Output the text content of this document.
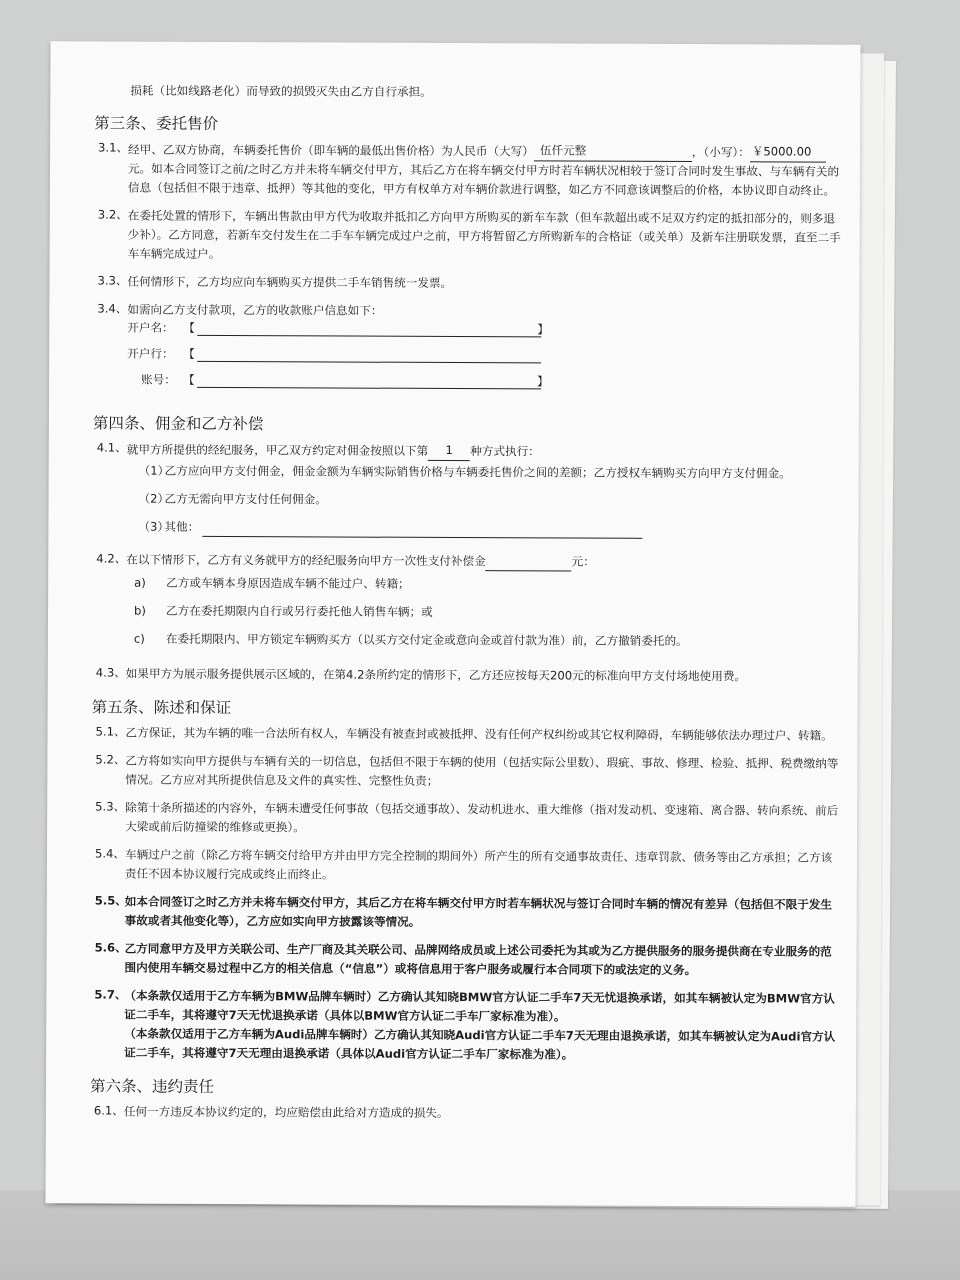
损耗（比如线路老化）而导致的损毁灭失由乙方自行承担。

第三条、委托售价
3.1、 经甲、乙双方协商，车辆委托售价（即车辆的最低出售价格）为人民币（大写） 伍仟元整	，（小写）： ￥5000.00元。如本合同签订之前/之时乙方并未将车辆交付甲方，其后乙方在将车辆交付甲方时若车辆状况相较于签订合同时发生事故、与车辆有关的信息（包括但不限于违章、抵押）等其他的变化，甲方有权单方对车辆价款进行调整，如乙方不同意该调整后的价格，本协议即自动终止。
3.2、 在委托处置的情形下，车辆出售款由甲方代为收取并抵扣乙方向甲方所购买的新车车款（但车款超出或不足双方约定的抵扣部分的，则多退少补）。乙方同意，若新车交付发生在二手车车辆完成过户之前，甲方将暂留乙方所购新车的合格证（或关单）及新车注册联发票，直至二手车车辆完成过户。
3.3、 任何情形下，乙方均应向车辆购买方提供二手车销售统一发票。
3.4、 如需向乙方支付款项，乙方的收款账户信息如下：
开户名： 【	】
开户行： 【
账号： 【	】
第四条、佣金和乙方补偿
4.1、 就甲方所提供的经纪服务，甲乙双方约定对佣金按照以下第 1 种方式执行：
（1）
乙方应向甲方支付佣金，佣金金额为车辆实际销售价格与车辆委托售价之间的差额；乙方授权车辆购买方向甲方支付佣金。
（2）
乙方无需向甲方支付任何佣金。
（3）
其他：
4.2、 在以下情形下，乙方有义务就甲方的经纪服务向甲方一次性支付补偿金	元：
a) 乙方或车辆本身原因造成车辆不能过户、转籍；
b) 乙方在委托期限内自行或另行委托他人销售车辆；或
c) 在委托期限内、甲方锁定车辆购买方（以买方交付定金或意向金或首付款为准）前，乙方撤销委托的。
4.3、 如果甲方为展示服务提供展示区域的，在第4.2条所约定的情形下，乙方还应按每天200元的标准向甲方支付场地使用费。
第五条、陈述和保证
5.1、 乙方保证，其为车辆的唯一合法所有权人，车辆没有被查封或被抵押、没有任何产权纠纷或其它权利障碍，车辆能够依法办理过户、转籍。
5.2、 乙方将如实向甲方提供与车辆有关的一切信息，包括但不限于车辆的使用（包括实际公里数）、瑕疵、事故、修理、检验、抵押、税费缴纳等情况。乙方应对其所提供信息及文件的真实性、完整性负责；
5.3、 除第十条所描述的内容外，车辆未遭受任何事故（包括交通事故）、发动机进水、重大维修（指对发动机、变速箱、离合器、转向系统、前后大梁或前后防撞梁的维修或更换）。
5.4、 车辆过户之前（除乙方将车辆交付给甲方并由甲方完全控制的期间外）所产生的所有交通事故责任、违章罚款、债务等由乙方承担；乙方该责任不因本协议履行完成或终止而终止。
5.5、
如本合同签订之时乙方并未将车辆交付甲方，其后乙方在将车辆交付甲方时若车辆状况与签订合同时车辆的情况有差异（包括但不限于发生事故或者其他变化等），乙方应如实向甲方披露该等情况。
5.6、
乙方同意甲方及甲方关联公司、生产厂商及其关联公司、品牌网络成员或上述公司委托为其或为乙方提供服务的服务提供商在专业服务的范围内使用车辆交易过程中乙方的相关信息（“信息”）或将信息用于客户服务或履行本合同项下的或法定的义务。
5.7、
（本条款仅适用于乙方车辆为BMW品牌车辆时）乙方确认其知晓BMW官方认证二手车7天无忧退换承诺，如其车辆被认定为BMW官方认证二手车，其将遵守7天无忧退换承诺（具体以BMW官方认证二手车厂家标准为准）。
（本条款仅适用于乙方车辆为Audi品牌车辆时）乙方确认其知晓Audi官方认证二手车7天无理由退换承诺，如其车辆被认定为Audi官方认证二手车，其将遵守7天无理由退换承诺（具体以Audi官方认证二手车厂家标准为准）。
第六条、违约责任
6.1、 任何一方违反本协议约定的，均应赔偿由此给对方造成的损失。
